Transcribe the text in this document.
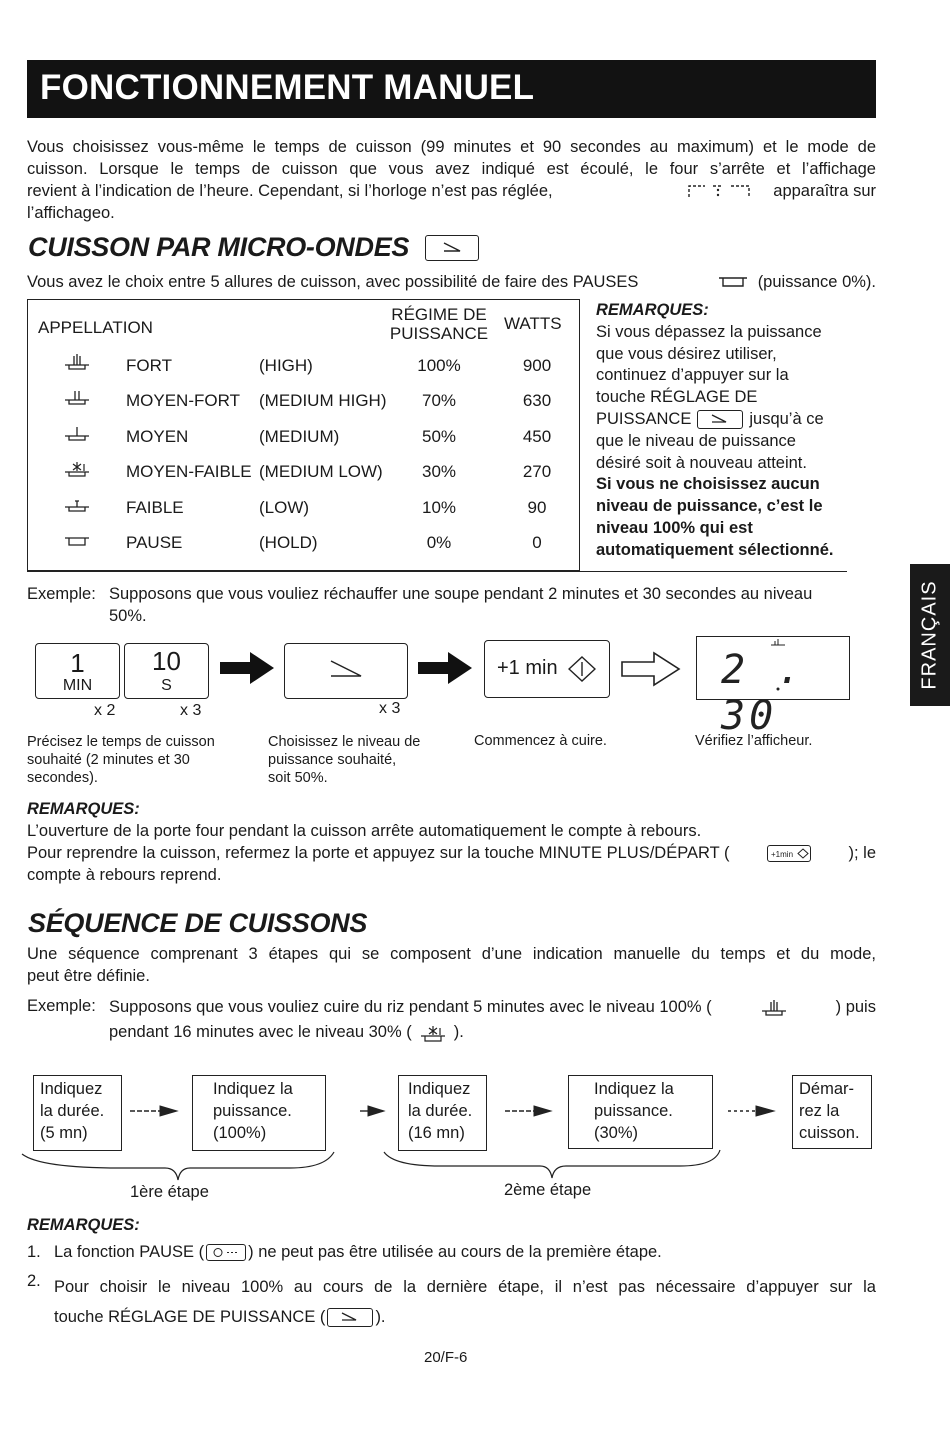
FONCTIONNEMENT MANUEL
Vous choisissez vous-même le temps de cuisson (99 minutes et 90 secondes au maximum) et le mode de
cuisson. Lorsque le temps de cuisson que vous avez indiqué est écoulé, le four s’arrête et l’affichage
revient à l’indication de l’heure. Cependant, si l’horloge n’est pas réglée,	apparaîtra sur
l’affichageo.
CUISSON PAR MICRO-ONDES
Vous avez le choix entre 5 allures de cuisson, avec possibilité de faire des PAUSES	(puissance 0%).
APPELLATION
RÉGIME DE
PUISSANCE
WATTS
FORT	(HIGH)	100%	900
MOYEN-FORT (MEDIUM HIGH)	70%	630
MOYEN	(MEDIUM)	50%	450
MOYEN-FAIBLE (MEDIUM LOW)	30%	270
FAIBLE	(LOW)	10%	90
PAUSE	(HOLD)	0%	0
REMARQUES:
Si vous dépassez la puissance
que vous désirez utiliser,
continuez d’appuyer sur la
touche RÉGLAGE DE
PUISSANCE	jusqu’à ce
que le niveau de puissance
désiré soit à nouveau atteint.
Si vous ne choisissez aucun
niveau de puissance, c’est le
niveau 100% qui est
automatiquement sélectionné.
Exemple: Supposons que vous vouliez réchauffer une soupe pendant 2 minutes et 30 secondes au niveau
50%.
1
MIN
10
S
x 2	x 3	x 3
+1 min	2 . 30
Précisez le temps de cuisson
souhaité (2 minutes et 30
secondes).
Choisissez le niveau de
puissance souhaité,
soit 50%.
Commencez à cuire.	Vérifiez l’afficheur.
REMARQUES:
L’ouverture de la porte four pendant la cuisson arrête automatiquement le compte à rebours.
Pour reprendre la cuisson, refermez la porte et appuyez sur la touche MINUTE PLUS/DÉPART (	+1min	); le
compte à rebours reprend.
SÉQUENCE DE CUISSONS
Une séquence comprenant 3 étapes qui se composent d’une indication manuelle du temps et du mode,
peut être définie.
Exemple: Supposons que vous vouliez cuire du riz pendant 5 minutes avec le niveau 100% (	) puis
pendant 16 minutes avec le niveau 30% (	).
Indiquez
la durée.
(5 mn)
Indiquez la
puissance.
(100%)
Indiquez
la durée.
(16 mn)
Indiquez la
puissance.
(30%)
Démar-
rez la
cuisson.
1ère étape	2ème étape
REMARQUES:
1. La fonction PAUSE (	) ne peut pas être utilisée au cours de la première étape.
2. Pour choisir le niveau 100% au cours de la dernière étape, il n’est pas nécessaire d’appuyer sur la
touche RÉGLAGE DE PUISSANCE (	).
FRANÇAIS
20/F-6
